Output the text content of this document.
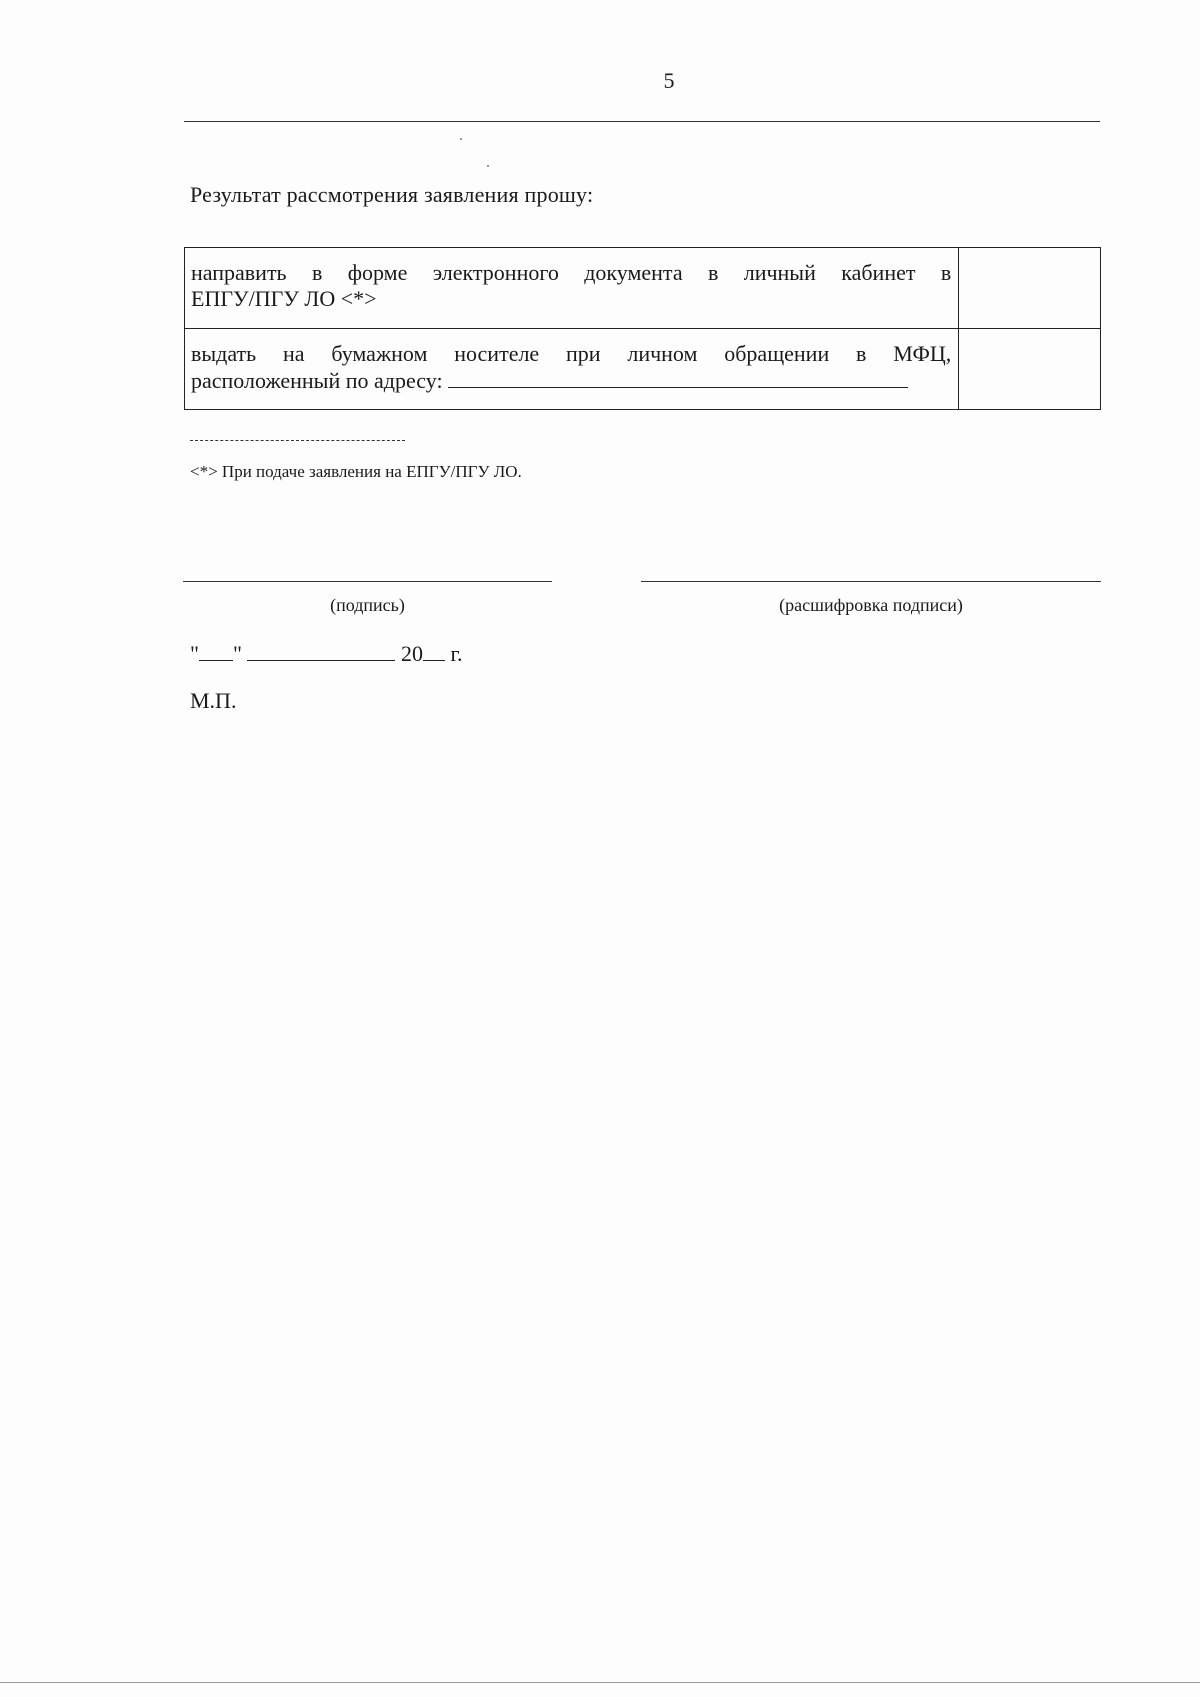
5
Результат рассмотрения заявления прошу:
направить в форме электронного документа в личный кабинет в
ЕПГУ/ПГУ ЛО <*>	

выдать на бумажном носителе при личном обращении в МФЦ,
расположенный по адресу:	

<*> При подаче заявления на ЕПГУ/ПГУ ЛО.
(подпись)	(расшифровка подписи)
" "	20 г.
М.П.
